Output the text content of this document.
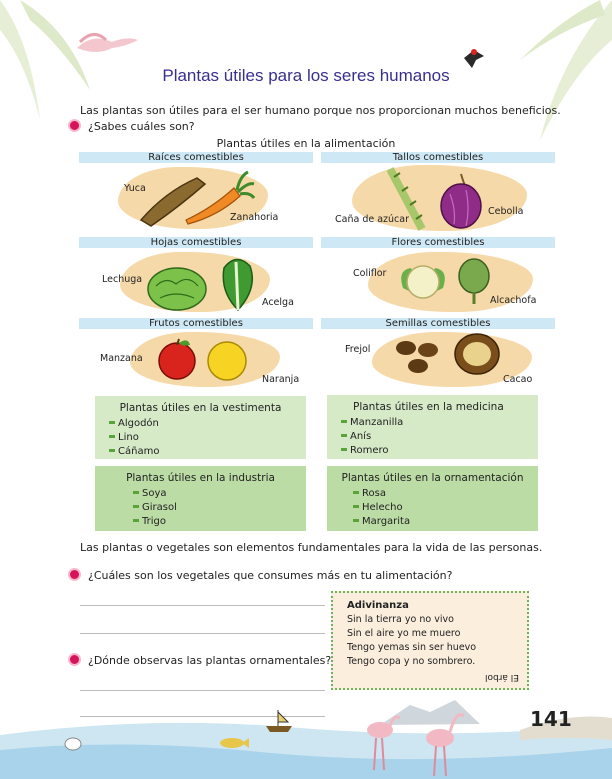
Plantas útiles para los seres humanos
Las plantas son útiles para el ser humano porque nos proporcionan muchos beneficios.
¿Sabes cuáles son?
Plantas útiles en la alimentación
Raíces comestibles	Tallos comestibles
Hojas comestibles	Flores comestibles
Frutos comestibles	Semillas comestibles
Yuca
Zanahoria	Caña de azúcar
Cebolla
Lechuga
Acelga
Coliflor
Alcachofa
Manzana
Naranja
Frejol
Cacao
Plantas útiles en la vestimenta
Algodón
Lino
Cáñamo
Plantas útiles en la medicina
Manzanilla
Anís
Romero
Plantas útiles en la industria
Soya
Girasol
Trigo
Plantas útiles en la ornamentación
Rosa
Helecho
Margarita
Las plantas o vegetales son elementos fundamentales para la vida de las personas.
¿Cuáles son los vegetales que consumes más en tu alimentación?
¿Dónde observas las plantas ornamentales?
Adivinanza
Sin la tierra yo no vivo
Sin el aire yo me muero
Tengo yemas sin ser huevo
Tengo copa y no sombrero.
El árbol
141
